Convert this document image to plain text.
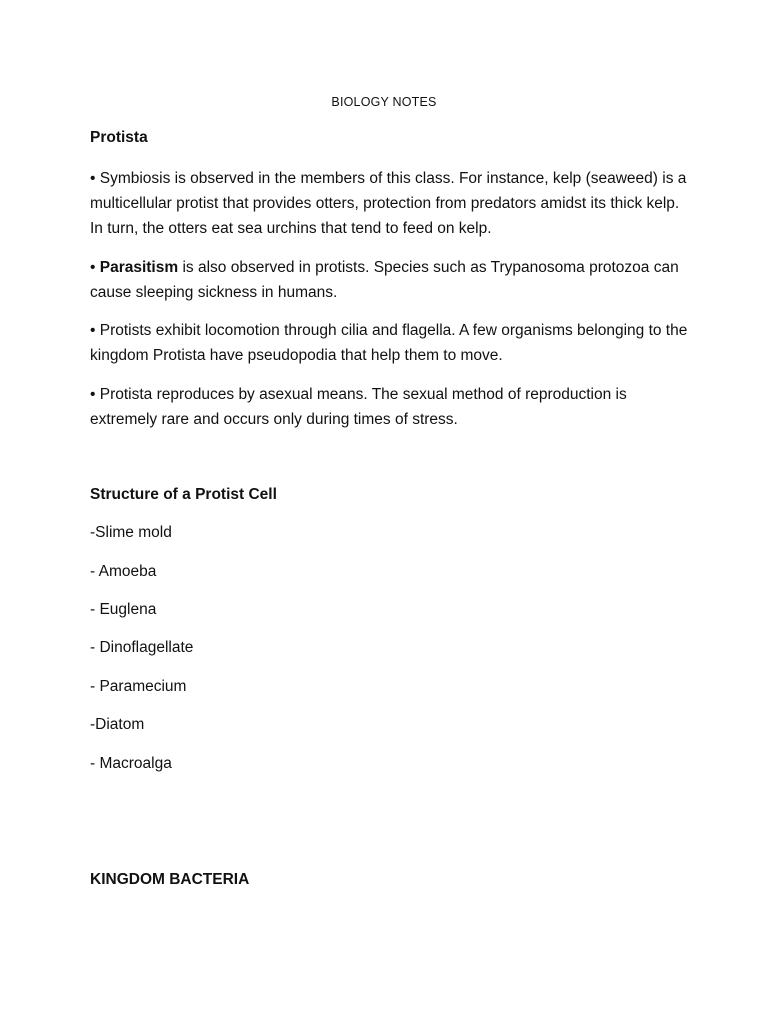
BIOLOGY NOTES
Protista

• Symbiosis is observed in the members of this class. For instance, kelp (seaweed) is a multicellular protist that provides otters, protection from predators amidst its thick kelp. In turn, the otters eat sea urchins that tend to feed on kelp.

• Parasitism is also observed in protists. Species such as Trypanosoma protozoa can cause sleeping sickness in humans.

• Protists exhibit locomotion through cilia and flagella. A few organisms belonging to the kingdom Protista have pseudopodia that help them to move.

• Protista reproduces by asexual means. The sexual method of reproduction is extremely rare and occurs only during times of stress.

Structure of a Protist Cell
-Slime mold
- Amoeba
- Euglena
- Dinoflagellate
- Paramecium
-Diatom
- Macroalga
KINGDOM BACTERIA
